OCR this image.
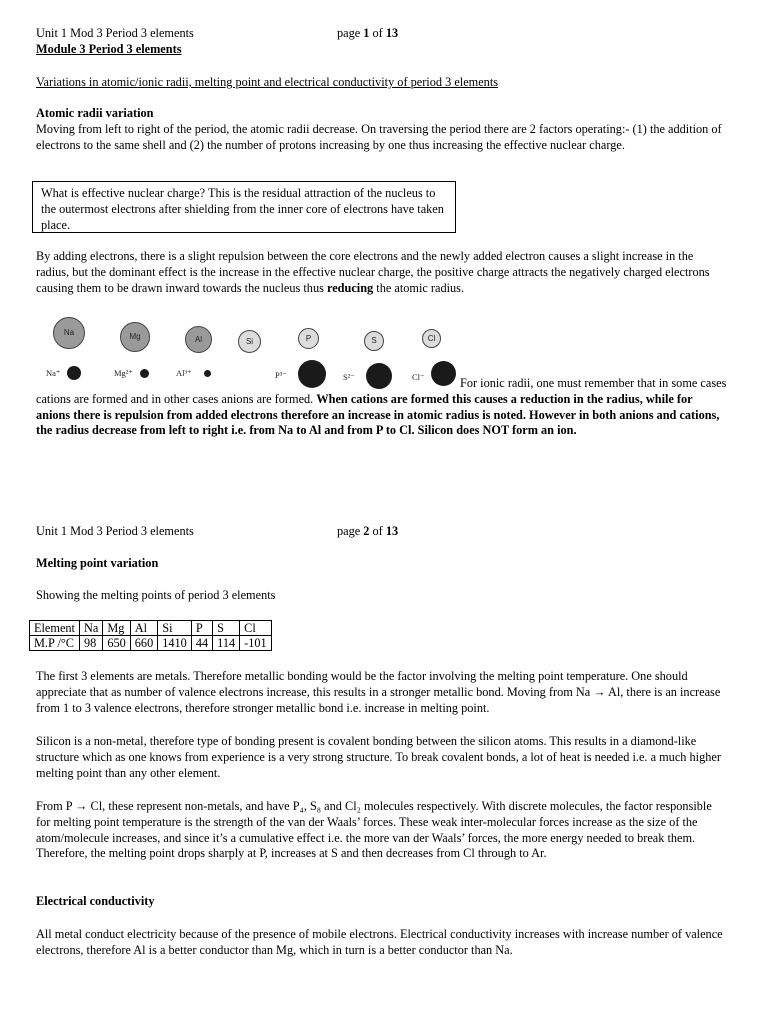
Unit 1 Mod 3 Period 3 elements	page 1 of 13
Module 3 Period 3 elements
Variations in atomic/ionic radii, melting point and electrical conductivity of period 3 elements
Atomic radii variation

Moving from left to right of the period, the atomic radii decrease. On traversing the period there are 2 factors operating:- (1) the addition of electrons to the same shell and (2) the number of protons increasing by one thus increasing the effective nuclear charge.

What is effective nuclear charge? This is the residual attraction of the nucleus to the outermost electrons after shielding from the inner core of electrons have taken place.

By adding electrons, there is a slight repulsion between the core electrons and the newly added electron causes a slight increase in the radius, but the dominant effect is the increase in the effective nuclear charge, the positive charge attracts the negatively charged electrons causing them to be drawn inward towards the nucleus thus reducing the atomic radius.

Na	Mg	Al	Si	P	S	Cl
Na⁺	Mg²⁺	Al³⁺	P³⁻	S²⁻	Cl⁻	For ionic radii, one must remember that in some cases cations are formed and in other cases anions are formed. When cations are formed this causes a reduction in the radius, while for anions there is repulsion from added electrons therefore an increase in atomic radius is noted. However in both anions and cations, the radius decrease from left to right i.e. from Na to Al and from P to Cl. Silicon does NOT form an ion.

Unit 1 Mod 3 Period 3 elements	page 2 of 13
Melting point variation
Showing the melting points of period 3 elements
Element	Na	Mg	Al	Si	P	S	Cl
M.P /°C	98	650	660	1410	44	114	-101

The first 3 elements are metals. Therefore metallic bonding would be the factor involving the melting point temperature. One should appreciate that as number of valence electrons increase, this results in a stronger metallic bond. Moving from Na → Al, there is an increase from 1 to 3 valence electrons, therefore stronger metallic bond i.e. increase in melting point.

Silicon is a non-metal, therefore type of bonding present is covalent bonding between the silicon atoms. This results in a diamond-like structure which as one knows from experience is a very strong structure. To break covalent bonds, a lot of heat is needed i.e. a much higher melting point than any other element.

From P → Cl, these represent non-metals, and have P₄, S₈ and Cl₂ molecules respectively. With discrete molecules, the factor responsible for melting point temperature is the strength of the van der Waals’ forces. These weak inter-molecular forces increase as the size of the atom/molecule increases, and since it’s a cumulative effect i.e. the more van der Waals’ forces, the more energy needed to break them. Therefore, the melting point drops sharply at P, increases at S and then decreases from Cl through to Ar.

Electrical conductivity

All metal conduct electricity because of the presence of mobile electrons. Electrical conductivity increases with increase number of valence electrons, therefore Al is a better conductor than Mg, which in turn is a better conductor than Na.
